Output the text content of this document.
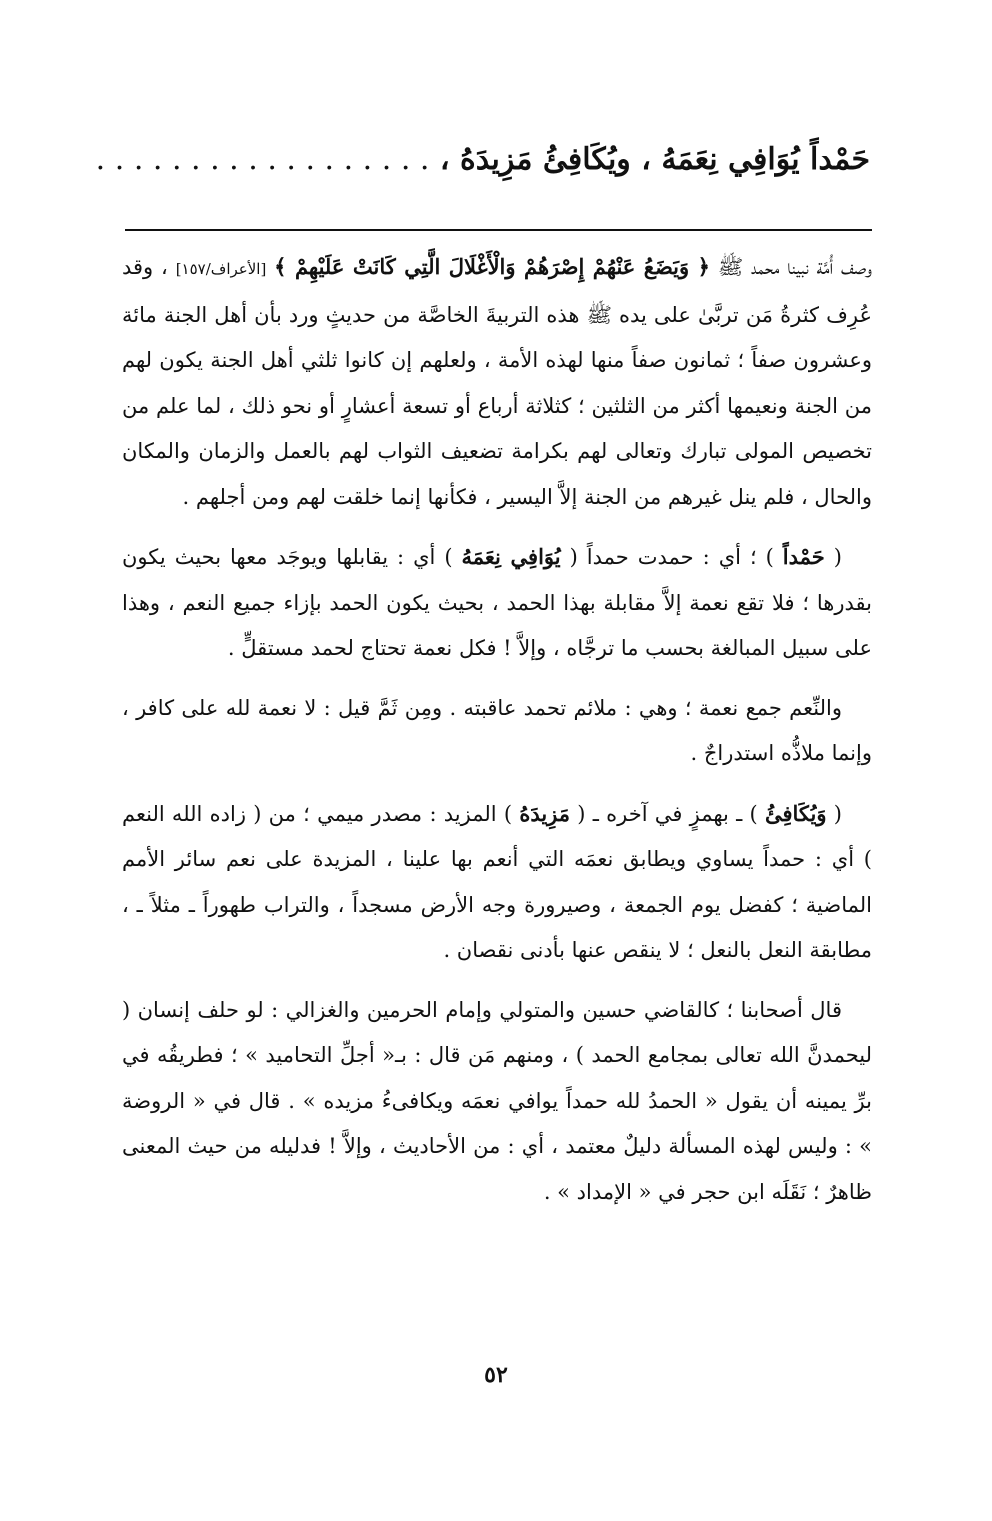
حَمْداً يُوَافِي نِعَمَهُ ، ويُكَافِئُ مَزِيدَهُ ، . . . . . . . . . . . . . . . . . .

وصف أُمَّة نبينا محمد ﷺ ﴿ وَيَضَعُ عَنْهُمْ إِصْرَهُمْ وَالْأَغْلَالَ الَّتِي كَانَتْ عَلَيْهِمْ ﴾ [الأعراف/١٥٧] ، وقد عُرِف كثرةُ مَن تربَّىٰ على يده ﷺ هذه التربيةَ الخاصَّة من حديثٍ ورد بأن أهل الجنة مائة وعشرون صفاً ؛ ثمانون صفاً منها لهذه الأمة ، ولعلهم إن كانوا ثلثي أهل الجنة يكون لهم من الجنة ونعيمها أكثر من الثلثين ؛ كثلاثة أرباع أو تسعة أعشارٍ أو نحو ذلك ، لما علم من تخصيص المولى تبارك وتعالى لهم بكرامة تضعيف الثواب لهم بالعمل والزمان والمكان والحال ، فلم ينل غيرهم من الجنة إلاَّ اليسير ، فكأنها إنما خلقت لهم ومن أجلهم .

( حَمْداً ) ؛ أي : حمدت حمداً ( يُوَافِي نِعَمَهُ ) أي : يقابلها ويوجَد معها بحيث يكون بقدرها ؛ فلا تقع نعمة إلاَّ مقابلة بهذا الحمد ، بحيث يكون الحمد بإزاء جميع النعم ، وهذا على سبيل المبالغة بحسب ما ترجَّاه ، وإلاَّ ! فكل نعمة تحتاج لحمد مستقلٍّ .

والنِّعم جمع نعمة ؛ وهي : ملائم تحمد عاقبته . ومِن ثَمَّ قيل : لا نعمة لله على كافر ، وإنما ملاذُّه استدراجٌ .

( وَيُكَافِئُ ) ـ بهمزٍ في آخره ـ ( مَزِيدَهُ ) المزيد : مصدر ميمي ؛ من ( زاده الله النعم ) أي : حمداً يساوي ويطابق نعمَه التي أنعم بها علينا ، المزيدة على نعم سائر الأمم الماضية ؛ كفضل يوم الجمعة ، وصيرورة وجه الأرض مسجداً ، والتراب طهوراً ـ مثلاً ـ ، مطابقة النعل بالنعل ؛ لا ينقص عنها بأدنى نقصان .

قال أصحابنا ؛ كالقاضي حسين والمتولي وإمام الحرمين والغزالي : لو حلف إنسان ( ليحمدنَّ الله تعالى بمجامع الحمد ) ، ومنهم مَن قال : بـ« أجلِّ التحاميد » ؛ فطريقُه في برِّ يمينه أن يقول « الحمدُ لله حمداً يوافي نعمَه ويكافىءُ مزيده » . قال في « الروضة » : وليس لهذه المسألة دليلٌ معتمد ، أي : من الأحاديث ، وإلاَّ ! فدليله من حيث المعنى ظاهرٌ ؛ نَقَلَه ابن حجر في « الإمداد » .

٥٢
